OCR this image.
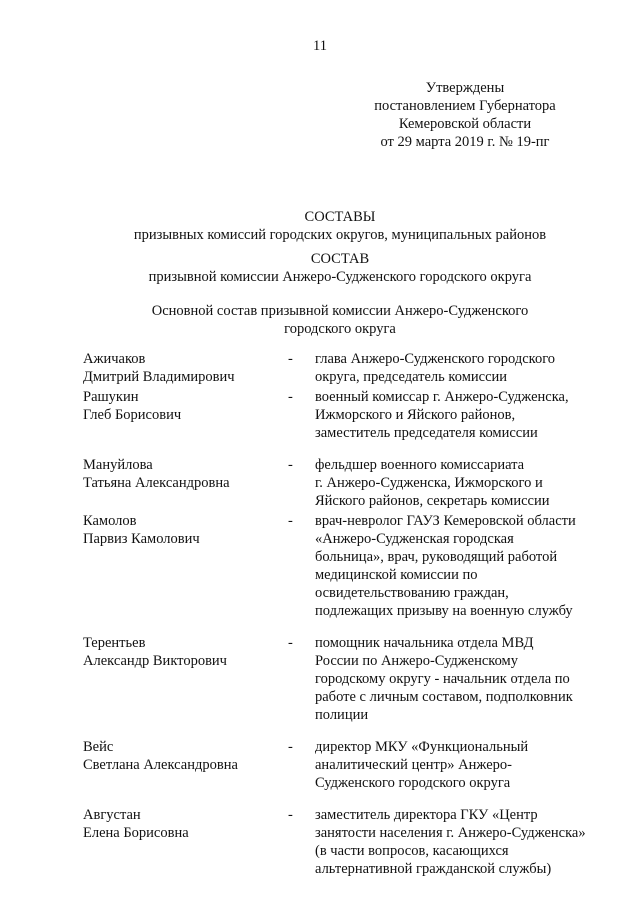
11
Утверждены
постановлением Губернатора
Кемеровской области
от 29 марта 2019 г. № 19-пг
СОСТАВЫ
призывных комиссий городских округов, муниципальных районов
СОСТАВ
призывной комиссии Анжеро-Судженского городского округа
Основной состав призывной комиссии Анжеро-Судженского
городского округа
Ажичаков
Дмитрий Владимирович
-	глава Анжеро-Судженского городского
округа, председатель комиссии
Рашукин
Глеб Борисович
-	военный комиссар г. Анжеро-Судженска,
Ижморского и Яйского районов,
заместитель председателя комиссии
Мануйлова
Татьяна Александровна
-	фельдшер военного комиссариата
г. Анжеро-Судженска, Ижморского и
Яйского районов, секретарь комиссии
Камолов
Парвиз Камолович
-	врач-невролог ГАУЗ Кемеровской области
«Анжеро-Судженская городская
больница», врач, руководящий работой
медицинской комиссии по
освидетельствованию граждан,
подлежащих призыву на военную службу
Терентьев
Александр Викторович
-	помощник начальника отдела МВД
России по Анжеро-Судженскому
городскому округу - начальник отдела по
работе с личным составом, подполковник
полиции
Вейс
Светлана Александровна
-	директор МКУ «Функциональный
аналитический центр» Анжеро-
Судженского городского округа
Августан
Елена Борисовна
-	заместитель директора ГКУ «Центр
занятости населения г. Анжеро-Судженска»
(в части вопросов, касающихся
альтернативной гражданской службы)
